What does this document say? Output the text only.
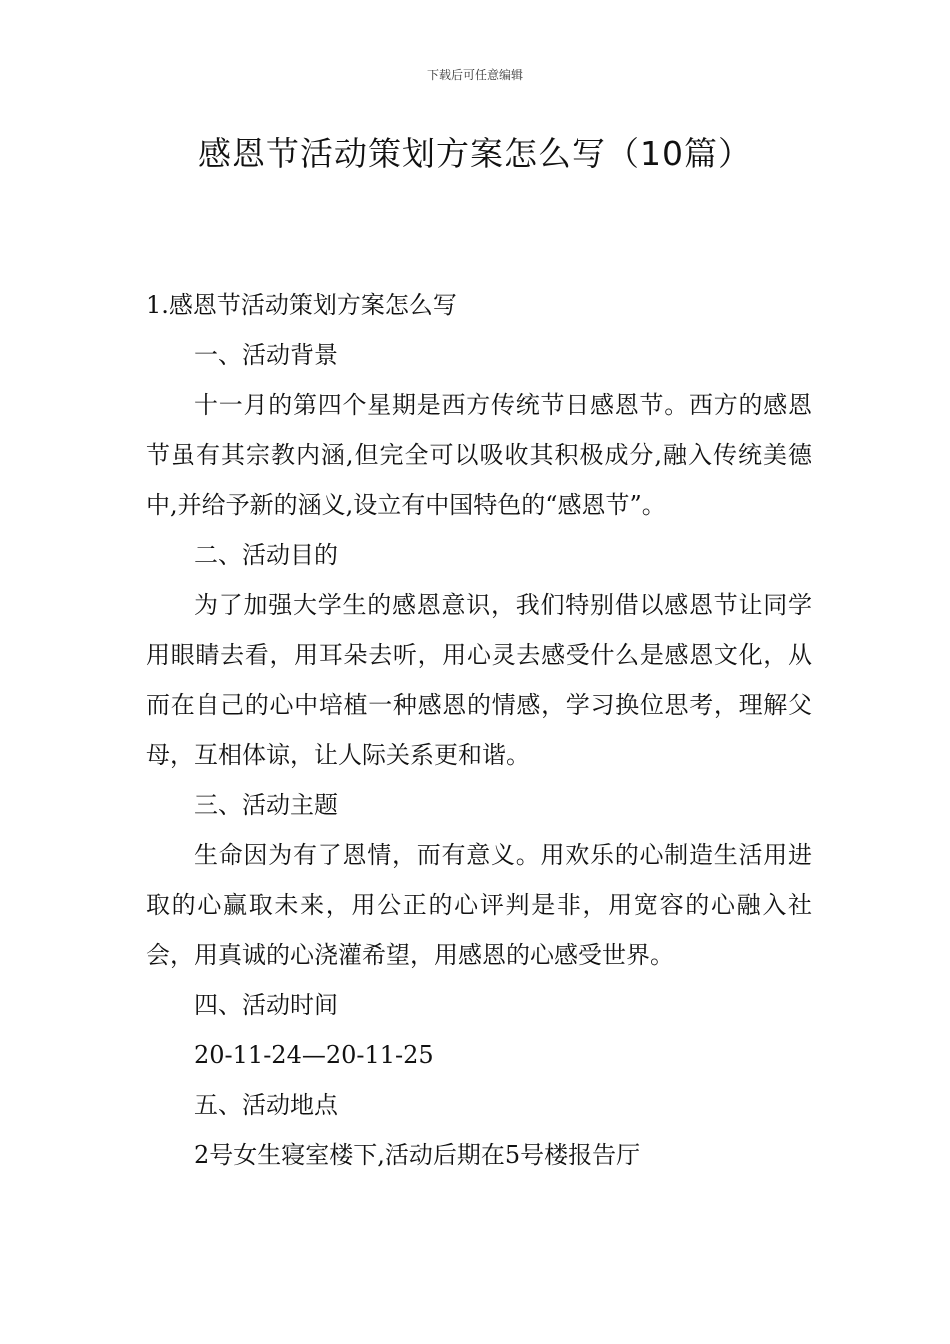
下载后可任意编辑
感恩节活动策划方案怎么写（10篇）

1.感恩节活动策划方案怎么写

一、活动背景

十一月的第四个星期是西方传统节日感恩节。西方的感恩节虽有其宗教内涵,但完全可以吸收其积极成分,融入传统美德中,并给予新的涵义,设立有中国特色的“感恩节”。

二、活动目的

为了加强大学生的感恩意识，我们特别借以感恩节让同学用眼睛去看，用耳朵去听，用心灵去感受什么是感恩文化，从而在自己的心中培植一种感恩的情感，学习换位思考，理解父母，互相体谅，让人际关系更和谐。

三、活动主题

生命因为有了恩情，而有意义。用欢乐的心制造生活用进取的心赢取未来，用公正的心评判是非，用宽容的心融入社会，用真诚的心浇灌希望，用感恩的心感受世界。

四、活动时间

20-11-24—20-11-25

五、活动地点

2号女生寝室楼下,活动后期在5号楼报告厅
